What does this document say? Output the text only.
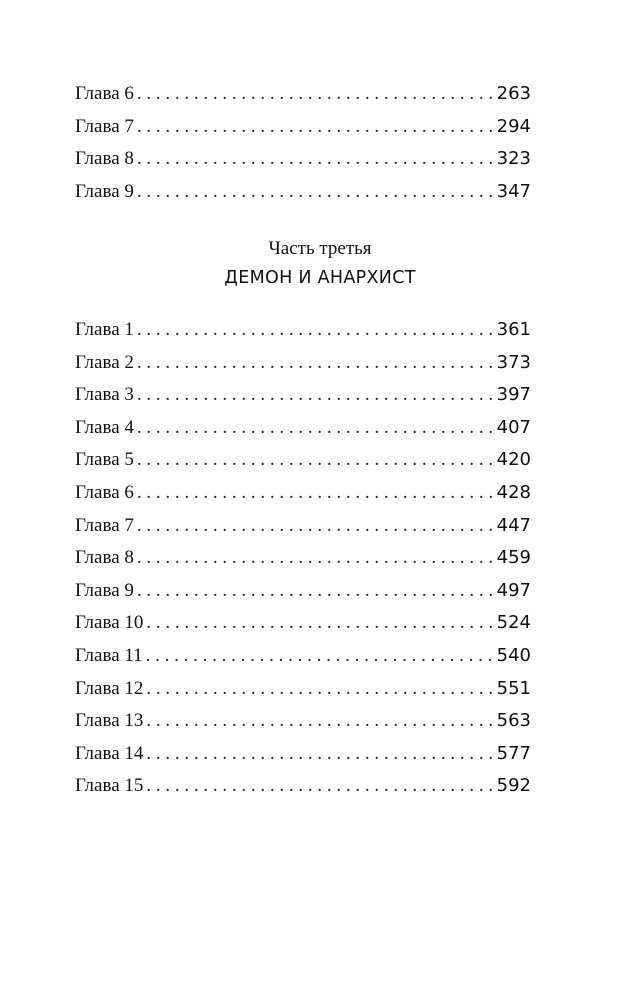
Глава 6 . . .	263
Глава 7 . . .	294
Глава 8 . . .	323
Глава 9 . . .	347
Часть третья
ДЕМОН И АНАРХИСТ
Глава 1 . . .	361
Глава 2 . . .	373
Глава 3 . . .	397
Глава 4 . . .	407
Глава 5 . . .	420
Глава 6 . . .	428
Глава 7 . . .	447
Глава 8 . . .	459
Глава 9 . . .	497
Глава 10 . . .	524
Глава 11 . . .	540
Глава 12 . . .	551
Глава 13 . . .	563
Глава 14 . . .	577
Глава 15 . . .	592
